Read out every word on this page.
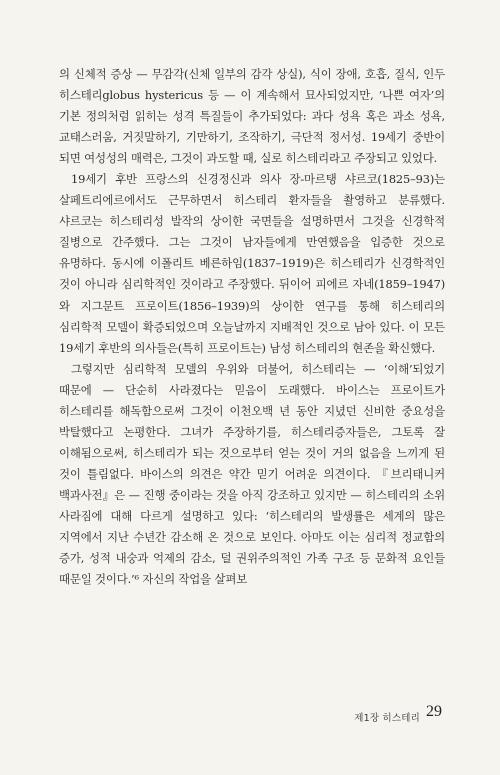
의 신체적 증상 — 무감각(신체 일부의 감각 상실), 식이 장애, 호흡, 질식, 인두 히스테리globus hystericus 등 — 이 계속해서 묘사되었지만, ‘나쁜 여자’의 기본 정의처럼 읽히는 성격 특질들이 추가되었다: 과다 성욕 혹은 과소 성욕, 교태스러움, 거짓말하기, 기만하기, 조작하기, 극단적 정서성. 19세기 중반이 되면 여성성의 매력은, 그것이 과도할 때, 실로 히스테리라고 주장되고 있었다.

19세기 후반 프랑스의 신경정신과 의사 장-마르탱 샤르코(1825–93)는 살페트리에르에서도 근무하면서 히스테리 환자들을 촬영하고 분류했다. 샤르코는 히스테리성 발작의 상이한 국면들을 설명하면서 그것을 신경학적 질병으로 간주했다. 그는 그것이 남자들에게 만연했음을 입증한 것으로 유명하다. 동시에 이폴리트 베른하임(1837–1919)은 히스테리가 신경학적인 것이 아니라 심리학적인 것이라고 주장했다. 뒤이어 피에르 자네(1859–1947)와 지그문트 프로이트(1856–1939)의 상이한 연구를 통해 히스테리의 심리학적 모델이 확증되었으며 오늘날까지 지배적인 것으로 남아 있다. 이 모든 19세기 후반의 의사들은(특히 프로이트는) 남성 히스테리의 현존을 확신했다.

그렇지만 심리학적 모델의 우위와 더불어, 히스테리는 — ‘이해’되었기 때문에 — 단순히 사라졌다는 믿음이 도래했다. 바이스는 프로이트가 히스테리를 해독함으로써 그것이 이천오백 년 동안 지녔던 신비한 중요성을 박탈했다고 논평한다. 그녀가 주장하기를, 히스테리증자들은, 그토록 잘 이해됨으로써, 히스테리가 되는 것으로부터 얻는 것이 거의 없음을 느끼게 된 것이 틀림없다. 바이스의 의견은 약간 믿기 어려운 의견이다. 『브리태니커 백과사전』은 — 진행 중이라는 것을 아직 강조하고 있지만 — 히스테리의 소위 사라짐에 대해 다르게 설명하고 있다: ‘히스테리의 발생률은 세계의 많은 지역에서 지난 수년간 감소해 온 것으로 보인다. 아마도 이는 심리적 정교함의 증가, 성적 내숭과 억제의 감소, 덜 권위주의적인 가족 구조 등 문화적 요인들 때문일 것이다.’⁶ 자신의 작업을 살펴보

제1장 히스테리 29
